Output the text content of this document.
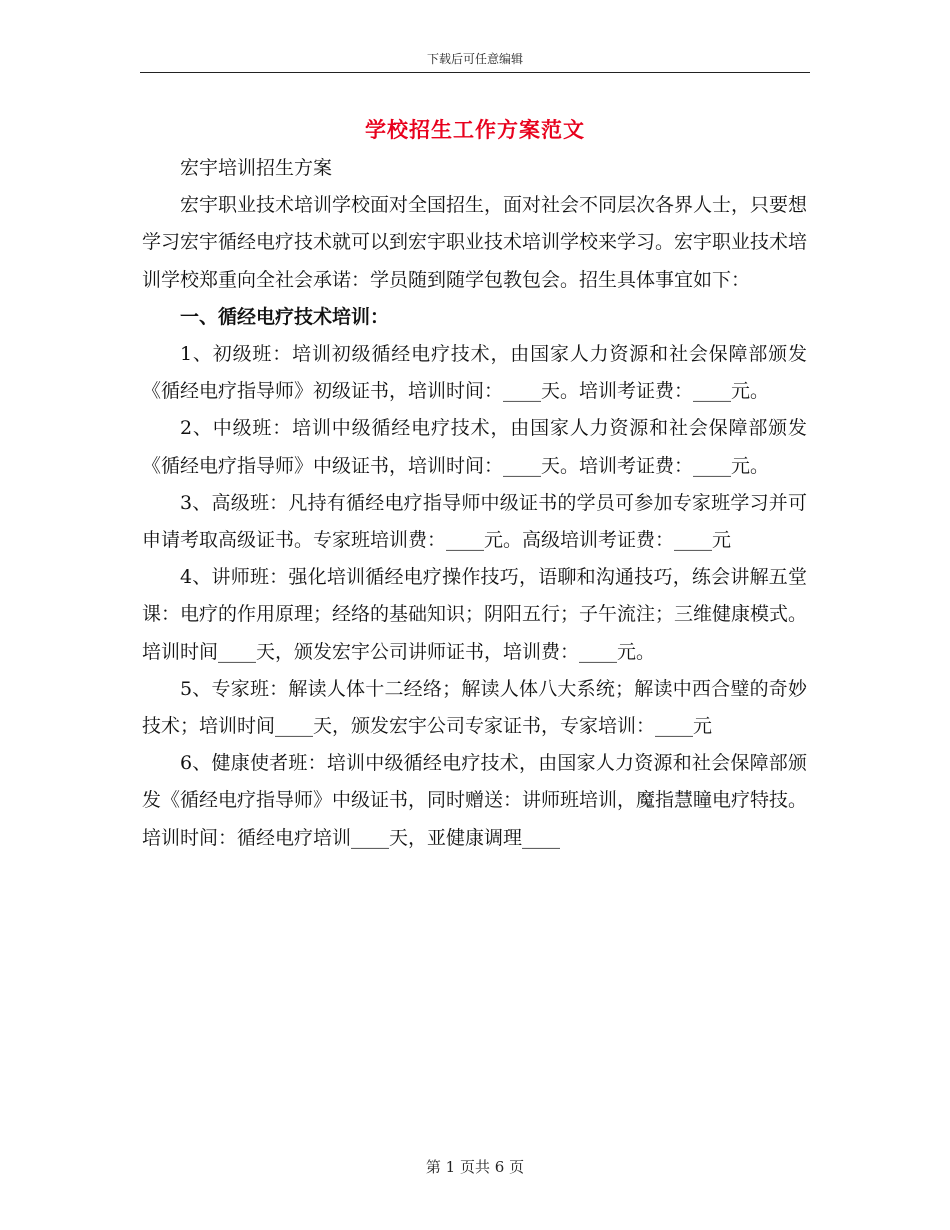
下载后可任意编辑
学校招生工作方案范文

宏宇培训招生方案

宏宇职业技术培训学校面对全国招生，面对社会不同层次各界人士，只要想学习宏宇循经电疗技术就可以到宏宇职业技术培训学校来学习。宏宇职业技术培训学校郑重向全社会承诺：学员随到随学包教包会。招生具体事宜如下：

一、循经电疗技术培训：

1、初级班：培训初级循经电疗技术，由国家人力资源和社会保障部颁发《循经电疗指导师》初级证书，培训时间：____天。培训考证费：____元。

2、中级班：培训中级循经电疗技术，由国家人力资源和社会保障部颁发《循经电疗指导师》中级证书，培训时间：____天。培训考证费：____元。

3、高级班：凡持有循经电疗指导师中级证书的学员可参加专家班学习并可申请考取高级证书。专家班培训费：____元。高级培训考证费：____元

4、讲师班：强化培训循经电疗操作技巧，语聊和沟通技巧，练会讲解五堂课：电疗的作用原理；经络的基础知识；阴阳五行；子午流注；三维健康模式。培训时间____天，颁发宏宇公司讲师证书，培训费：____元。

5、专家班：解读人体十二经络；解读人体八大系统；解读中西合璧的奇妙技术；培训时间____天，颁发宏宇公司专家证书，专家培训：____元

6、健康使者班：培训中级循经电疗技术，由国家人力资源和社会保障部颁发《循经电疗指导师》中级证书，同时赠送：讲师班培训，魔指慧瞳电疗特技。培训时间：循经电疗培训____天，亚健康调理____

第 1 页共 6 页
